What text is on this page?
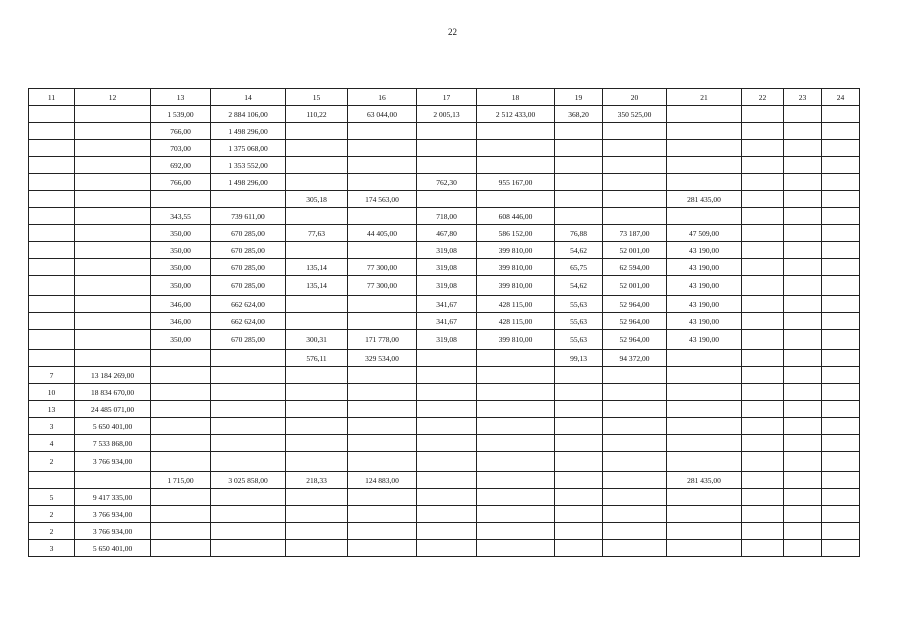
22
11	12	13	14	15	16	17	18	19	20	21	22	23	24
		1 539,00	2 884 106,00	110,22	63 044,00	2 005,13	2 512 433,00	368,20	350 525,00				
		766,00	1 498 296,00										
		703,00	1 375 068,00										
		692,00	1 353 552,00										
		766,00	1 498 296,00			762,30	955 167,00						
				305,18	174 563,00					281 435,00			
		343,55	739 611,00			718,00	608 446,00						
		350,00	670 285,00	77,63	44 405,00	467,80	586 152,00	76,88	73 187,00	47 509,00			
		350,00	670 285,00			319,08	399 810,00	54,62	52 001,00	43 190,00			
		350,00	670 285,00	135,14	77 300,00	319,08	399 810,00	65,75	62 594,00	43 190,00			
		350,00	670 285,00	135,14	77 300,00	319,08	399 810,00	54,62	52 001,00	43 190,00			
		346,00	662 624,00			341,67	428 115,00	55,63	52 964,00	43 190,00			
		346,00	662 624,00			341,67	428 115,00	55,63	52 964,00	43 190,00			
		350,00	670 285,00	300,31	171 778,00	319,08	399 810,00	55,63	52 964,00	43 190,00			
				576,11	329 534,00			99,13	94 372,00				
7	13 184 269,00												
10	18 834 670,00												
13	24 485 071,00												
3	5 650 401,00												
4	7 533 868,00												
2	3 766 934,00												
		1 715,00	3 025 858,00	218,33	124 883,00					281 435,00			
5	9 417 335,00												
2	3 766 934,00												
2	3 766 934,00												
3	5 650 401,00												
